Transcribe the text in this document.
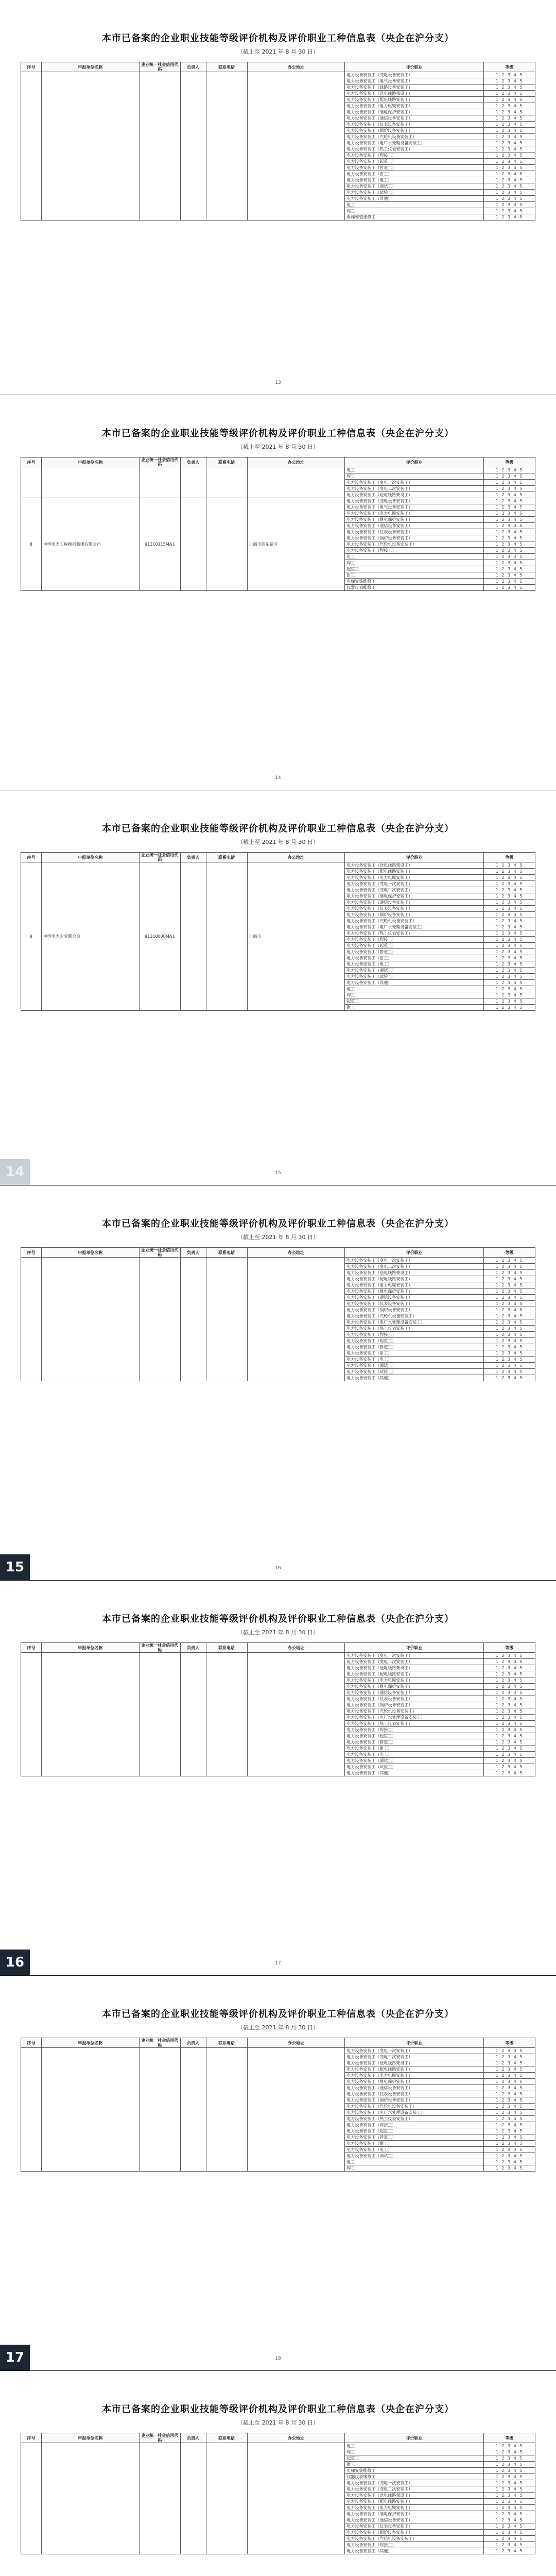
本市已备案的企业职业技能等级评价机构及评价职业工种信息表（央企在沪分支）
（截止至 2021 年 8 月 30 日）
序号	申报单位名称	企业统一社会信用代码	负责人	联系电话	办公地址	评价职业	等级
						电力设备安装工（变电设备安装工）	1 2 3 4 5
						电力设备安装工（电气设备安装工）	1 2 3 4 5
						电力设备安装工（线路设备安装工）	1 2 3 4 5
						电力设备安装工（送电线路架设工）	1 2 3 4 5
						电力设备安装工（配电线路安装工）	1 2 3 4 5
						电力设备安装工（电力电缆安装工）	1 2 3 4 5
						电力设备安装工（继电保护安装工）	1 2 3 4 5
						电力设备安装工（通信设备安装工）	1 2 3 4 5
						电力设备安装工（仪表设备安装工）	1 2 3 4 5
						电力设备安装工（锅炉设备安装工）	1 2 3 4 5
						电力设备安装工（汽轮机设备安装工）	1 2 3 4 5
						电力设备安装工（电厂水处理设备安装工）	1 2 3 4 5
						电力设备安装工（热工仪表安装工）	1 2 3 4 5
						电力设备安装工（焊接工）	1 2 3 4 5
						电力设备安装工（起重工）	1 2 3 4 5
						电力设备安装工（管道工）	1 2 3 4 5
						电力设备安装工（钳工）	1 2 3 4 5
						电力设备安装工（电工）	1 2 3 4 5
						电力设备安装工（调试工）	1 2 3 4 5
						电力设备安装工（试验工）	1 2 3 4 5
						电力设备安装工（其他）	1 2 3 4 5
						电工	1 2 3 4 5
						焊工	1 2 3 4 5
						电梯安装维修工	1 2 3 4 5
13
本市已备案的企业职业技能等级评价机构及评价职业工种信息表（央企在沪分支）
（截止至 2021 年 8 月 30 日）
序号	申报单位名称	企业统一社会信用代码	负责人	联系电话	办公地址	评价职业	等级
						电工	1 2 3 4 5
						焊工	1 2 3 4 5
						电力设备安装工（变电一次安装工）	1 2 3 4 5
						电力设备安装工（变电二次安装工）	1 2 3 4 5
						电力设备安装工（送电线路架设工）	1 2 3 4 5
8	中国电力工程顾问集团有限公司	91310115MA1			上海市浦东新区	电力设备安装工（变电设备安装工）	1 2 3 4 5
						电力设备安装工（电气设备安装工）	1 2 3 4 5
						电力设备安装工（电力电缆安装工）	1 2 3 4 5
						电力设备安装工（继电保护安装工）	1 2 3 4 5
						电力设备安装工（通信设备安装工）	1 2 3 4 5
						电力设备安装工（仪表设备安装工）	1 2 3 4 5
						电力设备安装工（锅炉设备安装工）	1 2 3 4 5
						电力设备安装工（汽轮机设备安装工）	1 2 3 4 5
						电力设备安装工（焊接工）	1 2 3 4 5
						电工	1 2 3 4 5
						焊工	1 2 3 4 5
						起重工	1 2 3 4 5
						钳工	1 2 3 4 5
						电梯安装维修工	1 2 3 4 5
						仪器仪表维修工	1 2 3 4 5
14
本市已备案的企业职业技能等级评价机构及评价职业工种信息表（央企在沪分支）
（截止至 2021 年 8 月 30 日）
序号	申报单位名称	企业统一社会信用代码	负责人	联系电话	办公地址	评价职业	等级
9	中国电力企业联合会	91310000MA1			上海市	电力设备安装工（送电线路架设工）	1 2 3 4 5
						电力设备安装工（配电线路安装工）	1 2 3 4 5
						电力设备安装工（电力电缆安装工）	1 2 3 4 5
						电力设备安装工（变电一次安装工）	1 2 3 4 5
						电力设备安装工（变电二次安装工）	1 2 3 4 5
						电力设备安装工（继电保护安装工）	1 2 3 4 5
						电力设备安装工（通信设备安装工）	1 2 3 4 5
						电力设备安装工（仪表设备安装工）	1 2 3 4 5
						电力设备安装工（锅炉设备安装工）	1 2 3 4 5
						电力设备安装工（汽轮机设备安装工）	1 2 3 4 5
						电力设备安装工（电厂水处理设备安装工）	1 2 3 4 5
						电力设备安装工（热工仪表安装工）	1 2 3 4 5
						电力设备安装工（焊接工）	1 2 3 4 5
						电力设备安装工（起重工）	1 2 3 4 5
						电力设备安装工（管道工）	1 2 3 4 5
						电力设备安装工（钳工）	1 2 3 4 5
						电力设备安装工（电工）	1 2 3 4 5
						电力设备安装工（调试工）	1 2 3 4 5
						电力设备安装工（试验工）	1 2 3 4 5
						电力设备安装工（其他）	1 2 3 4 5
						电工	1 2 3 4 5
						焊工	1 2 3 4 5
						起重工	1 2 3 4 5
						钳工	1 2 3 4 5
15
14
本市已备案的企业职业技能等级评价机构及评价职业工种信息表（央企在沪分支）
（截止至 2021 年 8 月 30 日）
序号	申报单位名称	企业统一社会信用代码	负责人	联系电话	办公地址	评价职业	等级
						电力设备安装工（变电一次安装工）	1 2 3 4 5
						电力设备安装工（变电二次安装工）	1 2 3 4 5
						电力设备安装工（送电线路架设工）	1 2 3 4 5
						电力设备安装工（配电线路安装工）	1 2 3 4 5
						电力设备安装工（电力电缆安装工）	1 2 3 4 5
						电力设备安装工（继电保护安装工）	1 2 3 4 5
						电力设备安装工（通信设备安装工）	1 2 3 4 5
						电力设备安装工（仪表设备安装工）	1 2 3 4 5
						电力设备安装工（锅炉设备安装工）	1 2 3 4 5
						电力设备安装工（汽轮机设备安装工）	1 2 3 4 5
						电力设备安装工（电厂水处理设备安装工）	1 2 3 4 5
						电力设备安装工（热工仪表安装工）	1 2 3 4 5
						电力设备安装工（焊接工）	1 2 3 4 5
						电力设备安装工（起重工）	1 2 3 4 5
						电力设备安装工（管道工）	1 2 3 4 5
						电力设备安装工（钳工）	1 2 3 4 5
						电力设备安装工（电工）	1 2 3 4 5
						电力设备安装工（调试工）	1 2 3 4 5
						电力设备安装工（试验工）	1 2 3 4 5
						电力设备安装工（其他）	1 2 3 4 5
16
15
本市已备案的企业职业技能等级评价机构及评价职业工种信息表（央企在沪分支）
（截止至 2021 年 8 月 30 日）
序号	申报单位名称	企业统一社会信用代码	负责人	联系电话	办公地址	评价职业	等级
						电力设备安装工（变电一次安装工）	1 2 3 4 5
						电力设备安装工（变电二次安装工）	1 2 3 4 5
						电力设备安装工（送电线路架设工）	1 2 3 4 5
						电力设备安装工（配电线路安装工）	1 2 3 4 5
						电力设备安装工（电力电缆安装工）	1 2 3 4 5
						电力设备安装工（继电保护安装工）	1 2 3 4 5
						电力设备安装工（通信设备安装工）	1 2 3 4 5
						电力设备安装工（仪表设备安装工）	1 2 3 4 5
						电力设备安装工（锅炉设备安装工）	1 2 3 4 5
						电力设备安装工（汽轮机设备安装工）	1 2 3 4 5
						电力设备安装工（电厂水处理设备安装工）	1 2 3 4 5
						电力设备安装工（热工仪表安装工）	1 2 3 4 5
						电力设备安装工（焊接工）	1 2 3 4 5
						电力设备安装工（起重工）	1 2 3 4 5
						电力设备安装工（管道工）	1 2 3 4 5
						电力设备安装工（钳工）	1 2 3 4 5
						电力设备安装工（电工）	1 2 3 4 5
						电力设备安装工（调试工）	1 2 3 4 5
						电力设备安装工（试验工）	1 2 3 4 5
						电力设备安装工（其他）	1 2 3 4 5
17
16
本市已备案的企业职业技能等级评价机构及评价职业工种信息表（央企在沪分支）
（截止至 2021 年 8 月 30 日）
序号	申报单位名称	企业统一社会信用代码	负责人	联系电话	办公地址	评价职业	等级
						电力设备安装工（变电一次安装工）	1 2 3 4 5
						电力设备安装工（变电二次安装工）	1 2 3 4 5
						电力设备安装工（送电线路架设工）	1 2 3 4 5
						电力设备安装工（配电线路安装工）	1 2 3 4 5
						电力设备安装工（电力电缆安装工）	1 2 3 4 5
						电力设备安装工（继电保护安装工）	1 2 3 4 5
						电力设备安装工（通信设备安装工）	1 2 3 4 5
						电力设备安装工（仪表设备安装工）	1 2 3 4 5
						电力设备安装工（锅炉设备安装工）	1 2 3 4 5
						电力设备安装工（汽轮机设备安装工）	1 2 3 4 5
						电力设备安装工（电厂水处理设备安装工）	1 2 3 4 5
						电力设备安装工（热工仪表安装工）	1 2 3 4 5
						电力设备安装工（焊接工）	1 2 3 4 5
						电力设备安装工（起重工）	1 2 3 4 5
						电力设备安装工（管道工）	1 2 3 4 5
						电力设备安装工（钳工）	1 2 3 4 5
						电力设备安装工（电工）	1 2 3 4 5
						电力设备安装工（调试工）	1 2 3 4 5
						电工	1 2 3 4 5
						焊工	1 2 3 4 5
18
17
本市已备案的企业职业技能等级评价机构及评价职业工种信息表（央企在沪分支）
（截止至 2021 年 8 月 30 日）
序号	申报单位名称	企业统一社会信用代码	负责人	联系电话	办公地址	评价职业	等级
						电工	1 2 3 4 5
						焊工	1 2 3 4 5
						起重工	1 2 3 4 5
						钳工	1 2 3 4 5
						电梯安装维修工	1 2 3 4 5
						仪器仪表维修工	1 2 3 4 5
						电力设备安装工（变电一次安装工）	1 2 3 4 5
						电力设备安装工（变电二次安装工）	1 2 3 4 5
						电力设备安装工（送电线路架设工）	1 2 3 4 5
						电力设备安装工（配电线路安装工）	1 2 3 4 5
						电力设备安装工（电力电缆安装工）	1 2 3 4 5
						电力设备安装工（继电保护安装工）	1 2 3 4 5
						电力设备安装工（通信设备安装工）	1 2 3 4 5
						电力设备安装工（仪表设备安装工）	1 2 3 4 5
						电力设备安装工（锅炉设备安装工）	1 2 3 4 5
						电力设备安装工（汽轮机设备安装工）	1 2 3 4 5
						电力设备安装工（焊接工）	1 2 3 4 5
						电力设备安装工（其他）	1 2 3 4 5
